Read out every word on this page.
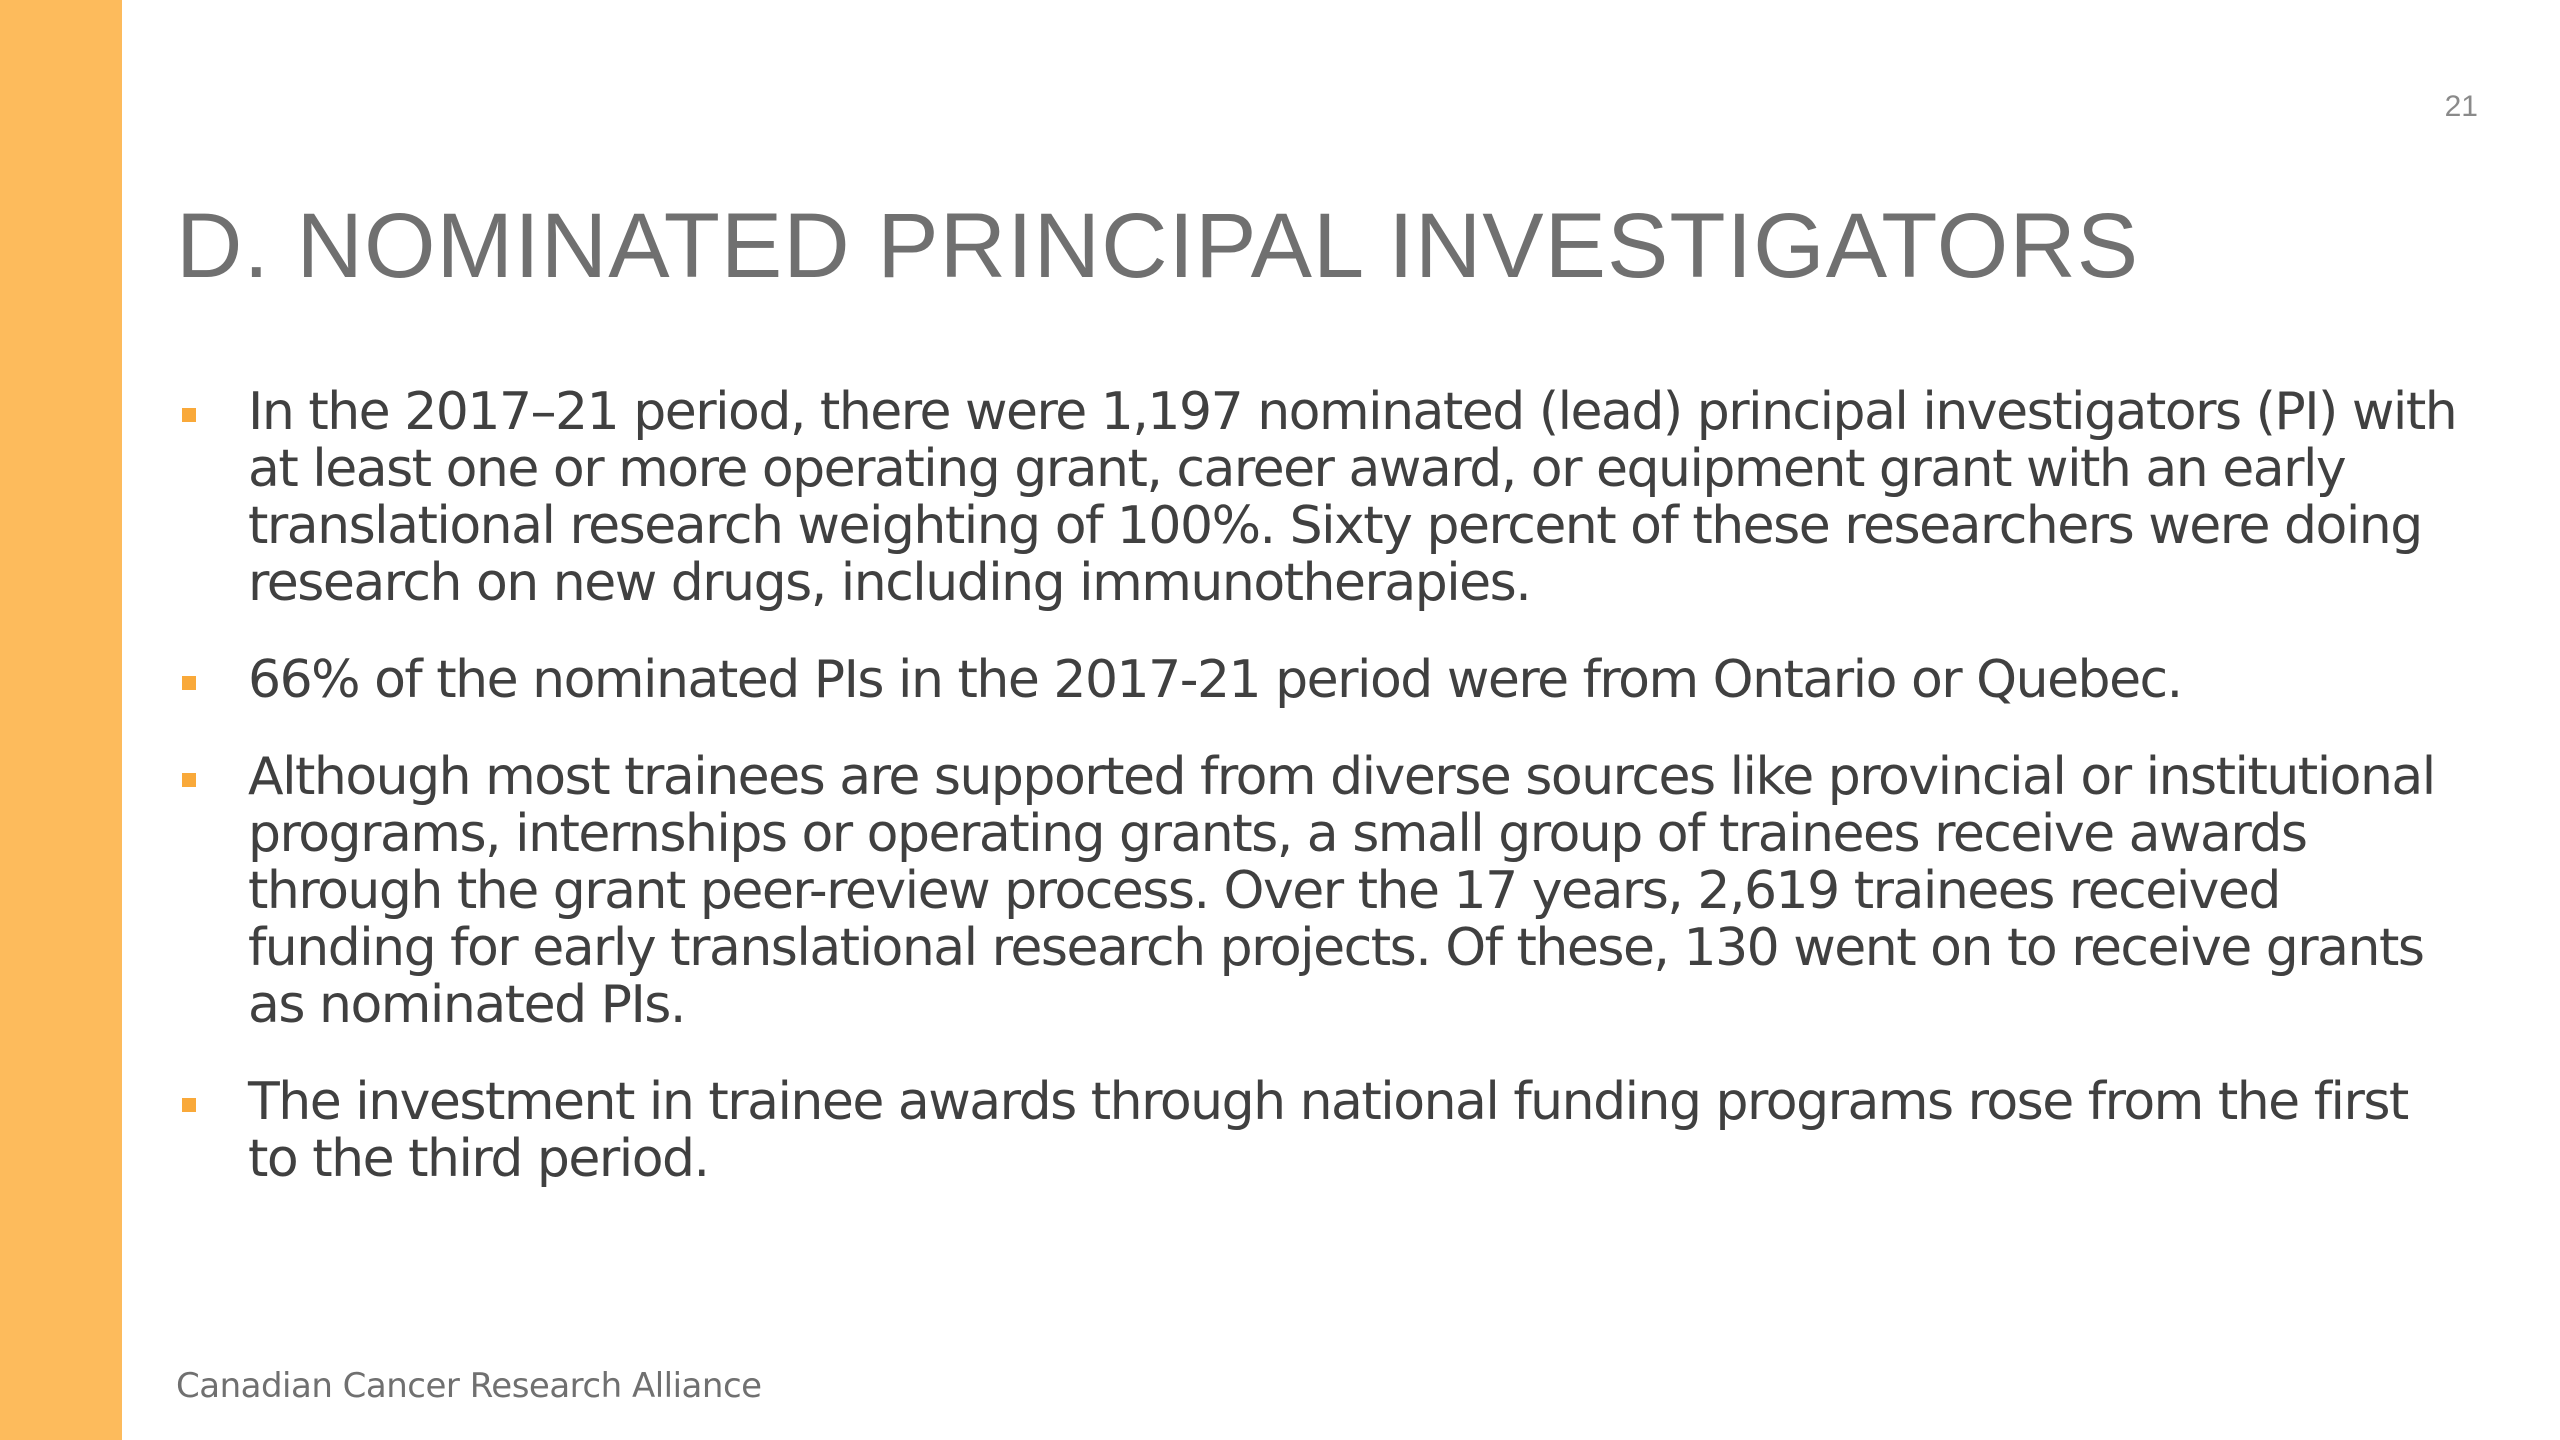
21
D. NOMINATED PRINCIPAL INVESTIGATORS
In the 2017–21 period, there were 1,197 nominated (lead) principal investigators (PI) with at least one or more operating grant, career award, or equipment grant with an early translational research weighting of 100%. Sixty percent of these researchers were doing research on new drugs, including immunotherapies.
66% of the nominated PIs in the 2017-21 period were from Ontario or Quebec.
Although most trainees are supported from diverse sources like provincial or institutional programs, internships or operating grants, a small group of trainees receive awards through the grant peer-review process. Over the 17 years, 2,619 trainees received funding for early translational research projects. Of these, 130 went on to receive grants as nominated PIs.
The investment in trainee awards through national funding programs rose from the first to the third period.
Canadian Cancer Research Alliance
